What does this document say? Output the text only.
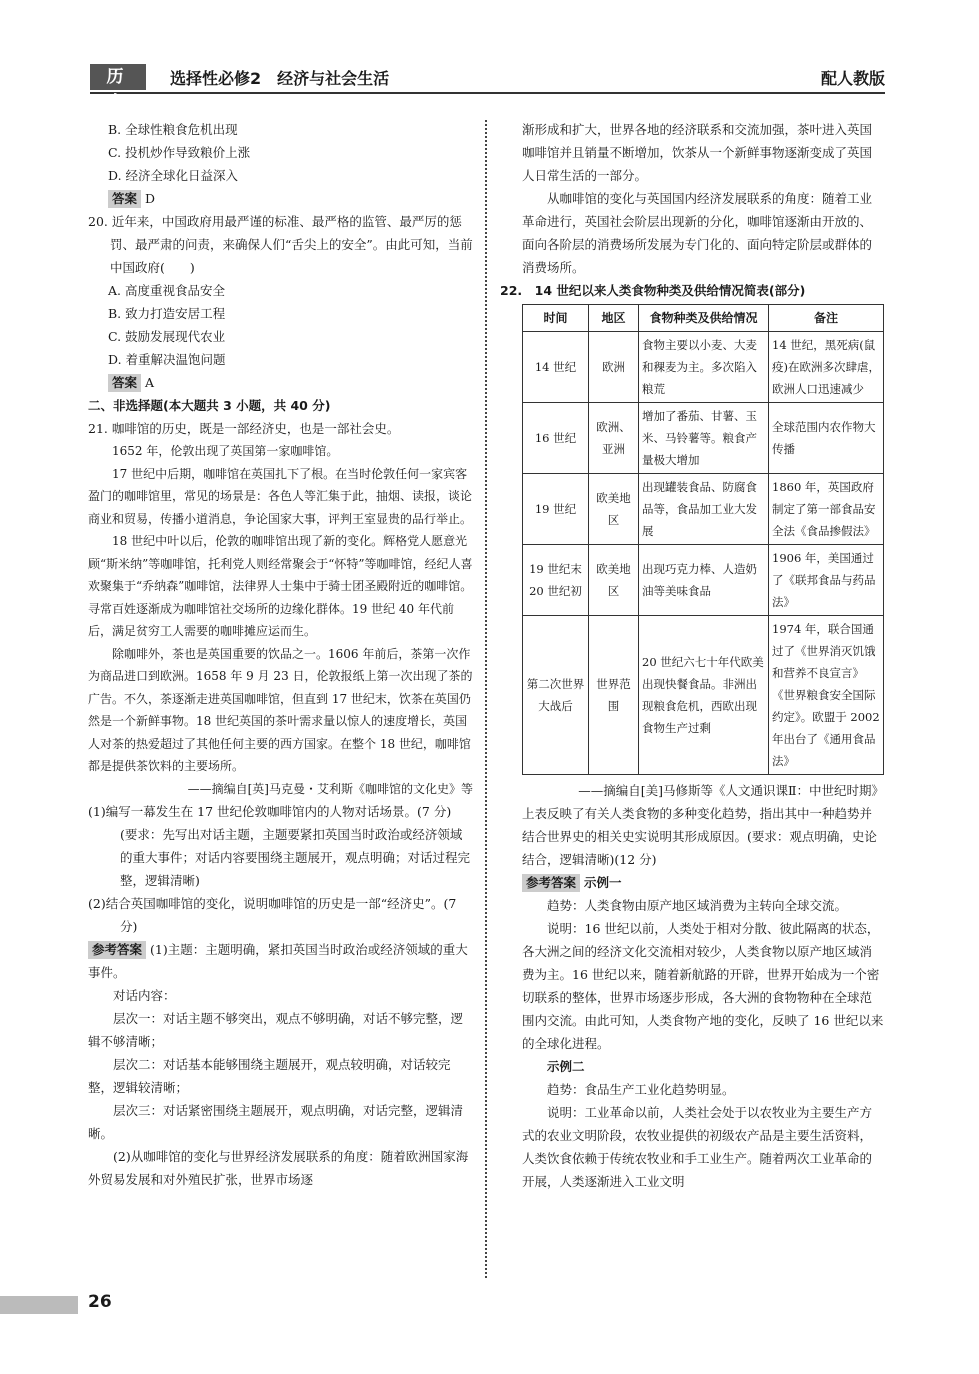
历 史
选择性必修2　经济与社会生活	配人教版

B. 全球性粮食危机出现

C. 投机炒作导致粮价上涨

D. 经济全球化日益深入

答案 D

20. 近年来，中国政府用最严谨的标准、最严格的监管、最严厉的惩罚、最严肃的问责，来确保人们“舌尖上的安全”。由此可知，当前中国政府(　　)

A. 高度重视食品安全

B. 致力打造安居工程

C. 鼓励发展现代农业

D. 着重解决温饱问题

答案 A

二、非选择题(本大题共 3 小题，共 40 分)

21. 咖啡馆的历史，既是一部经济史，也是一部社会史。

1652 年，伦敦出现了英国第一家咖啡馆。

17 世纪中后期，咖啡馆在英国扎下了根。在当时伦敦任何一家宾客盈门的咖啡馆里，常见的场景是：各色人等汇集于此，抽烟、读报，谈论商业和贸易，传播小道消息，争论国家大事，评判王室显贵的品行举止。

18 世纪中叶以后，伦敦的咖啡馆出现了新的变化。辉格党人愿意光顾“斯米纳”等咖啡馆，托利党人则经常聚会于“怀特”等咖啡馆，经纪人喜欢聚集于“乔纳森”咖啡馆，法律界人士集中于骑士团圣殿附近的咖啡馆。寻常百姓逐渐成为咖啡馆社交场所的边缘化群体。19 世纪 40 年代前后，满足贫穷工人需要的咖啡摊应运而生。

除咖啡外，茶也是英国重要的饮品之一。1606 年前后，茶第一次作为商品进口到欧洲。1658 年 9 月 23 日，伦敦报纸上第一次出现了茶的广告。不久，茶逐渐走进英国咖啡馆，但直到 17 世纪末，饮茶在英国仍然是一个新鲜事物。18 世纪英国的茶叶需求量以惊人的速度增长，英国人对茶的热爱超过了其他任何主要的西方国家。在整个 18 世纪，咖啡馆都是提供茶饮料的主要场所。

——摘编自[英]马克曼・艾利斯《咖啡馆的文化史》等

(1)编写一幕发生在 17 世纪伦敦咖啡馆内的人物对话场景。(7 分)

(要求：先写出对话主题，主题要紧扣英国当时政治或经济领域的重大事件；对话内容要围绕主题展开，观点明确；对话过程完整，逻辑清晰)

(2)结合英国咖啡馆的变化，说明咖啡馆的历史是一部“经济史”。(7 分)

参考答案 (1)主题：主题明确，紧扣英国当时政治或经济领域的重大事件。

对话内容：

层次一：对话主题不够突出，观点不够明确，对话不够完整，逻辑不够清晰；

层次二：对话基本能够围绕主题展开，观点较明确，对话较完整，逻辑较清晰；

层次三：对话紧密围绕主题展开，观点明确，对话完整，逻辑清晰。

(2)从咖啡馆的变化与世界经济发展联系的角度：随着欧洲国家海外贸易发展和对外殖民扩张，世界市场逐

渐形成和扩大，世界各地的经济联系和交流加强，茶叶进入英国咖啡馆并且销量不断增加，饮茶从一个新鲜事物逐渐变成了英国人日常生活的一部分。

从咖啡馆的变化与英国国内经济发展联系的角度：随着工业革命进行，英国社会阶层出现新的分化，咖啡馆逐渐由开放的、面向各阶层的消费场所发展为专门化的、面向特定阶层或群体的消费场所。

22.　14 世纪以来人类食物种类及供给情况简表(部分)

时间	地区	食物种类及供给情况	备注
14 世纪	欧洲	食物主要以小麦、大麦和稞麦为主。多次陷入粮荒	14 世纪，黑死病(鼠疫)在欧洲多次肆虐，欧洲人口迅速减少
16 世纪	欧洲、亚洲	增加了番茄、甘薯、玉米、马铃薯等。粮食产量极大增加	全球范围内农作物大传播
19 世纪	欧美地区	出现罐装食品、防腐食品等，食品加工业大发展	1860 年，英国政府制定了第一部食品安全法《食品掺假法》
19 世纪末 20 世纪初	欧美地区	出现巧克力棒、人造奶油等美味食品	1906 年，美国通过了《联邦食品与药品法》
第二次世界大战后	世界范围	20 世纪六七十年代欧美出现快餐食品。非洲出现粮食危机，西欧出现食物生产过剩	1974 年，联合国通过了《世界消灭饥饿和营养不良宣言》《世界粮食安全国际约定》。欧盟于 2002 年出台了《通用食品法》

——摘编自[美]马修斯等《人文通识课Ⅱ：中世纪时期》

上表反映了有关人类食物的多种变化趋势，指出其中一种趋势并结合世界史的相关史实说明其形成原因。(要求：观点明确，史论结合，逻辑清晰)(12 分)

参考答案 示例一

趋势：人类食物由原产地区域消费为主转向全球交流。

说明：16 世纪以前，人类处于相对分散、彼此隔离的状态，各大洲之间的经济文化交流相对较少，人类食物以原产地区域消费为主。16 世纪以来，随着新航路的开辟，世界开始成为一个密切联系的整体，世界市场逐步形成，各大洲的食物物种在全球范围内交流。由此可知，人类食物产地的变化，反映了 16 世纪以来的全球化进程。

示例二

趋势：食品生产工业化趋势明显。

说明：工业革命以前，人类社会处于以农牧业为主要生产方式的农业文明阶段，农牧业提供的初级农产品是主要生活资料，人类饮食依赖于传统农牧业和手工业生产。随着两次工业革命的开展，人类逐渐进入工业文明

26
